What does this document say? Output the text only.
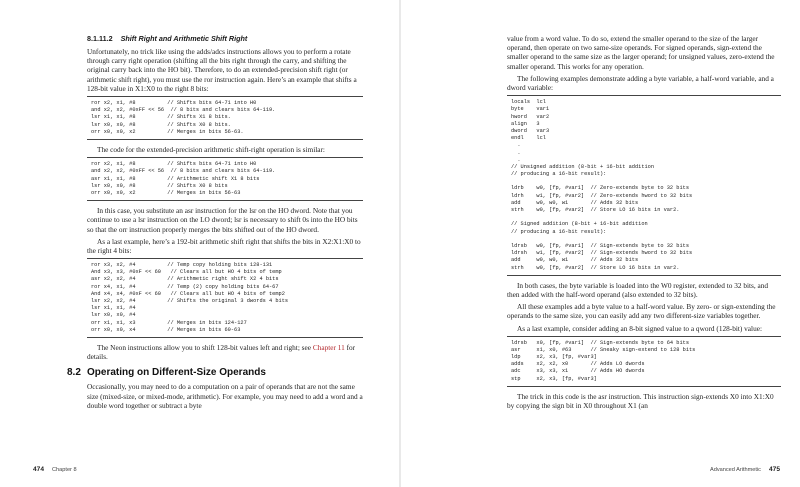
8.1.11.2 Shift Right and Arithmetic Shift Right

Unfortunately, no trick like using the adds/adcs instructions allows you to perform a rotate through carry right operation (shifting all the bits right through the carry, and shifting the original carry back into the HO bit). Therefore, to do an extended-precision shift right (or arithmetic shift right), you must use the ror instruction again. Here’s an example that shifts a 128-bit value in X1:X0 to the right 8 bits:

ror x2, x1, #8          // Shifts bits 64-71 into H0
and x2, x2, #0xFF << 56  // 8 bits and clears bits 64-119.
lsr x1, x1, #8          // Shifts X1 8 bits.
lsr x0, x0, #8          // Shifts X0 8 bits.
orr x0, x0, x2          // Merges in bits 56-63.

The code for the extended-precision arithmetic shift-right operation is similar:

ror x2, x1, #8          // Shifts bits 64-71 into H0
and x2, x2, #0xFF << 56  // 8 bits and clears bits 64-119.
asr x1, x1, #8          // Arithmetic shift X1 8 bits
lsr x0, x0, #8          // Shifts X0 8 bits
orr x0, x0, x2          // Merges in bits 56-63

In this case, you substitute an asr instruction for the lsr on the HO dword. Note that you continue to use a lsr instruction on the LO dword; lsr is necessary to shift 0s into the HO bits so that the orr instruction properly merges the bits shifted out of the HO dword.

As a last example, here’s a 192-bit arithmetic shift right that shifts the bits in X2:X1:X0 to the right 4 bits:

ror x3, x2, #4          // Temp copy holding bits 128-131
And x3, x3, #0xF << 60   // Clears all but HO 4 bits of temp
asr x2, x2, #4          // Arithmetic right shift X2 4 bits
ror x4, x1, #4          // Temp (2) copy holding bits 64-67
And x4, x4, #0xF << 60   // Clears all but HO 4 bits of temp2
lsr x2, x2, #4          // Shifts the original 3 dwords 4 bits
lsr x1, x1, #4
lsr x0, x0, #4
orr x1, x1, x3          // Merges in bits 124-127
orr x0, x0, x4          // Merges in bits 60-63

The Neon instructions allow you to shift 128-bit values left and right; see Chapter 11 for details.

8.2 Operating on Different-Size Operands

Occasionally, you may need to do a computation on a pair of operands that are not the same size (mixed-size, or mixed-mode, arithmetic). For example, you may need to add a word and a double word together or subtract a byte

474 Chapter 8

value from a word value. To do so, extend the smaller operand to the size of the larger operand, then operate on two same-size operands. For signed operands, sign-extend the smaller operand to the same size as the larger operand; for unsigned values, zero-extend the smaller operand. This works for any operation.

The following examples demonstrate adding a byte variable, a half-word variable, and a dword variable:

locals  lcl
byte    var1
hword   var2
align   3
dword   var3
endl    lcl
.
.
.
// Unsigned addition (8-bit + 16-bit addition
// producing a 16-bit result):

ldrb    w0, [fp, #var1]  // Zero-extends byte to 32 bits
ldrh    w1, [fp, #var2]  // Zero-extends hword to 32 bits
add     w0, w0, w1       // Adds 32 bits
strh    w0, [fp, #var2]  // Store LO 16 bits in var2.

// Signed addition (8-bit + 16-bit addition
// producing a 16-bit result):

ldrsb   w0, [fp, #var1]  // Sign-extends byte to 32 bits
ldrsh   w1, [fp, #var2]  // Sign-extends hword to 32 bits
add     w0, w0, w1       // Adds 32 bits
strh    w0, [fp, #var2]  // Store LO 16 bits in var2.

In both cases, the byte variable is loaded into the W0 register, extended to 32 bits, and then added with the half-word operand (also extended to 32 bits).

All these examples add a byte value to a half-word value. By zero- or sign-extending the operands to the same size, you can easily add any two different-size variables together.

As a last example, consider adding an 8-bit signed value to a qword (128-bit) value:

ldrsb   x0, [fp, #var1]  // Sign-extends byte to 64 bits
asr     x1, x0, #63      // Sneaky sign-extend to 128 bits
ldp     x2, x3, [fp, #var3]
adds    x2, x2, x0       // Adds LO dwords
adc     x3, x3, x1       // Adds HO dwords
stp     x2, x3, [fp, #var3]

The trick in this code is the asr instruction. This instruction sign-extends X0 into X1:X0 by copying the sign bit in X0 throughout X1 (an

Advanced Arithmetic 475
